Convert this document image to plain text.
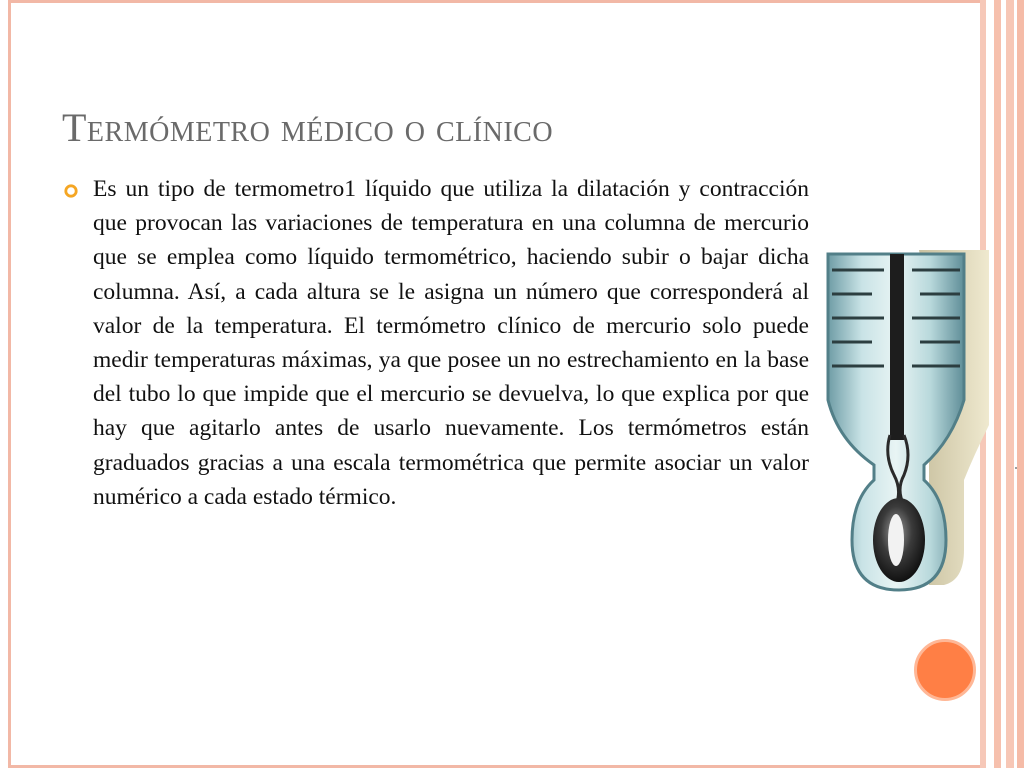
Termómetro médico o clínico
Es un tipo de termometro1 líquido que utiliza la dilatación y contracción que provocan las variaciones de temperatura en una columna de mercurio que se emplea como líquido termométrico, haciendo subir o bajar dicha columna. Así, a cada altura se le asigna un número que corresponderá al valor de la temperatura. El termómetro clínico de mercurio solo puede medir temperaturas máximas, ya que posee un no estrechamiento en la base del tubo lo que impide que el mercurio se devuelva, lo que explica por que hay que agitarlo antes de usarlo nuevamente. Los termómetros están graduados gracias a una escala termométrica que permite asociar un valor numérico a cada estado térmico.
